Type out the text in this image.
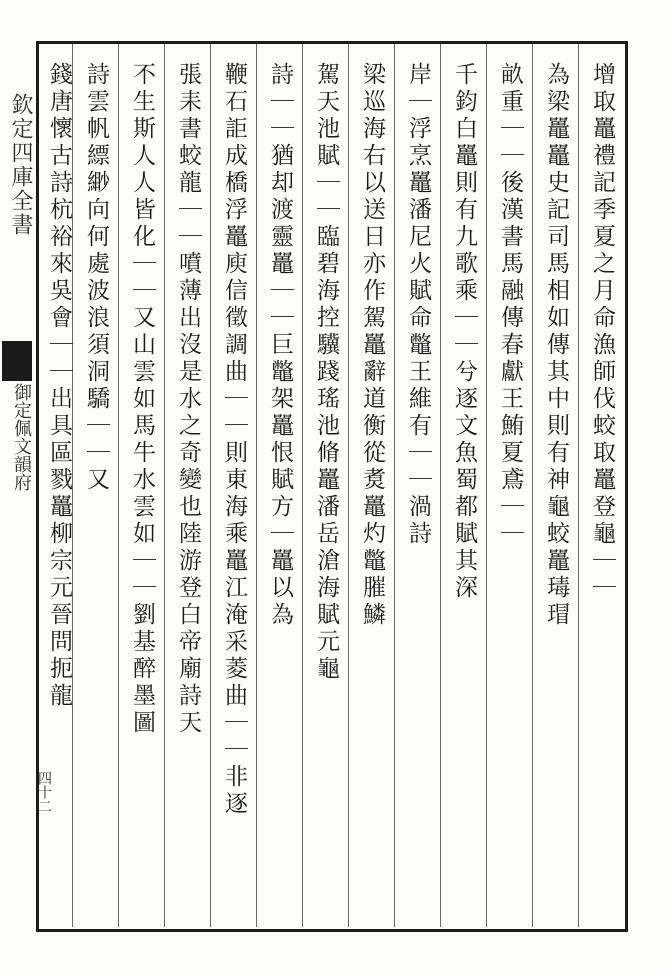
欽定四庫全書
御定佩文韻府
四十二
增取鼉禮記季夏之月命漁師伐蛟取鼉登龜｜｜
為梁鼉鼉史記司馬相如傳其中則有神龜蛟鼉瑇瑁
畝重｜｜後漢書馬融傳春獻王鮪夏鳶｜｜
千鈞白鼉則有九歌乘｜｜兮逐文魚蜀都賦其深
岸｜浮烹鼉潘尼火賦命鼈王維有｜｜渦詩
梁巡海右以送日亦作駕鼉辭道衡從煑鼉灼鼈膗鱗
駕天池賦｜｜臨碧海控驥踐瑤池脩鼉潘岳滄海賦元龜
詩｜｜猶却渡靈鼉｜｜巨鼈架鼉恨賦方｜鼉以為
鞭石詎成橋浮鼉庾信徵調曲｜｜則東海乘鼉江淹采菱曲｜｜非逐
張耒書蛟龍｜｜噴薄出沒是水之奇變也陸游登白帝廟詩天
不生斯人人皆化｜｜又山雲如馬牛水雲如｜｜劉基醉墨圖
詩雲帆縹緲向何處波浪須洞驕｜｜又
錢唐懷古詩杭裕來吳會｜｜出具區戮鼉柳宗元晉問扼龍
